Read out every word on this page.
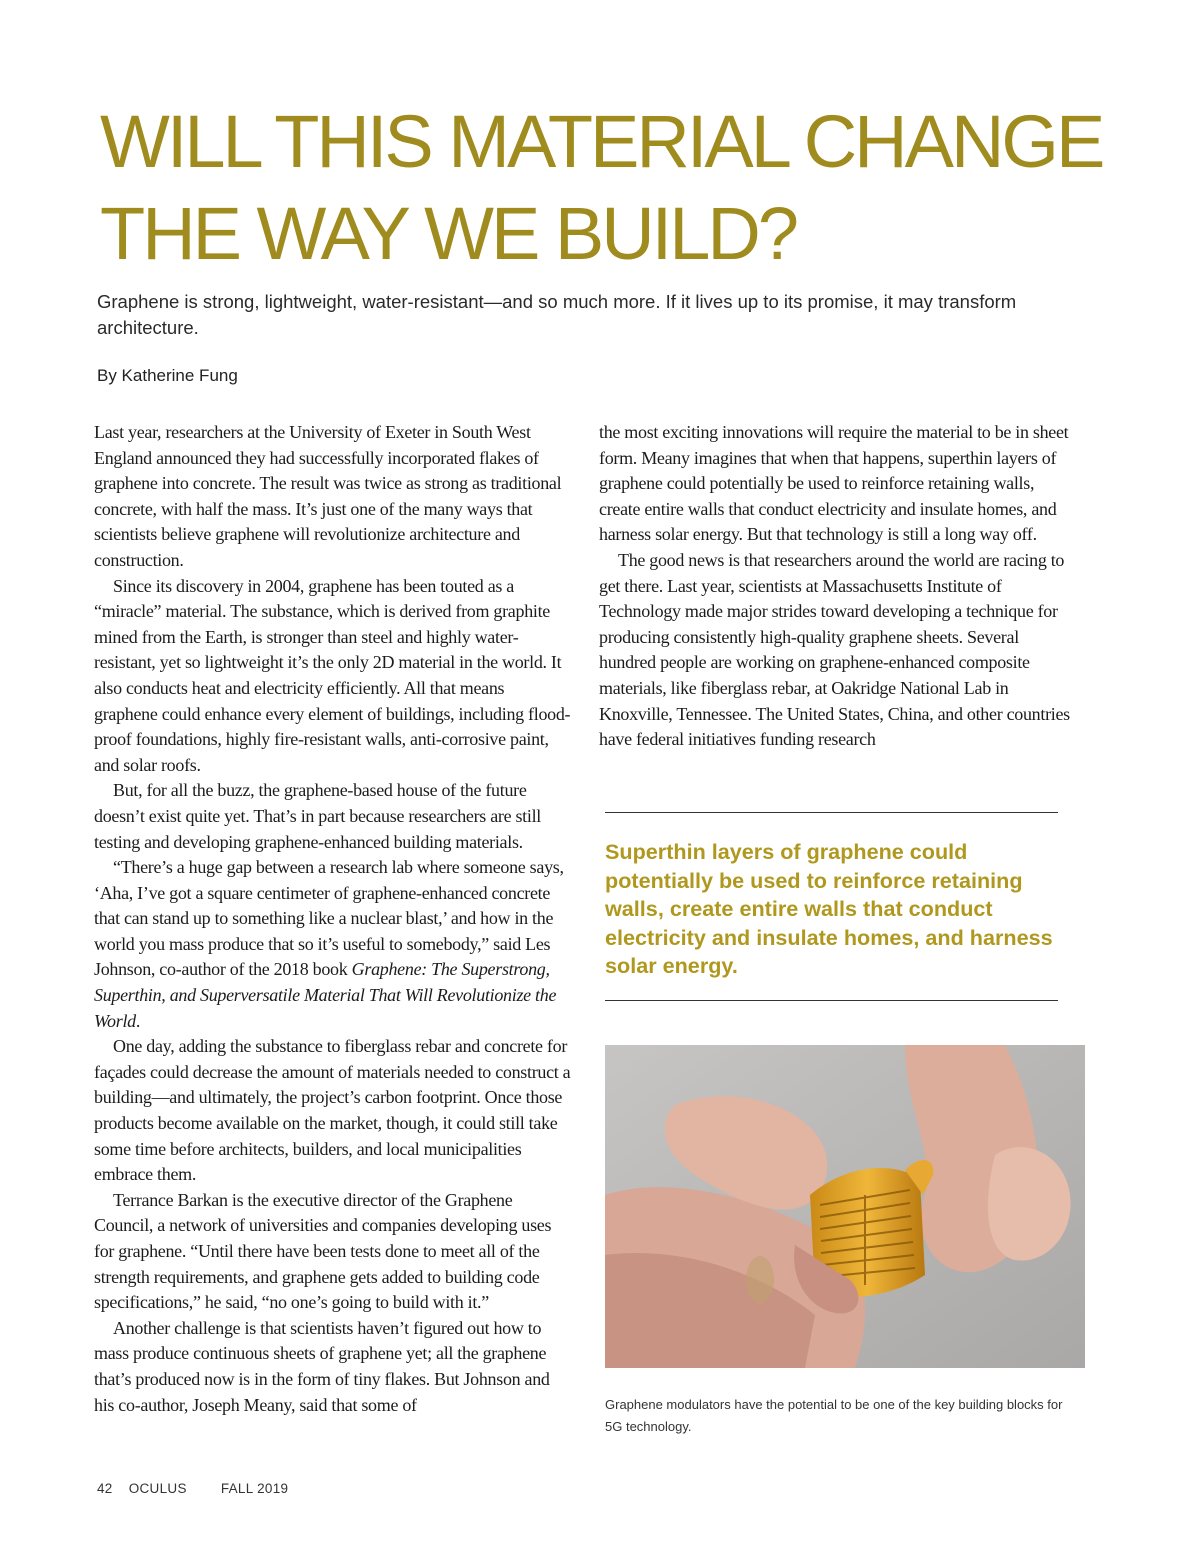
WILL THIS MATERIAL CHANGE
THE WAY WE BUILD?

Graphene is strong, lightweight, water-resistant—and so much more. If it lives up to its promise, it may transform architecture.

By Katherine Fung

Last year, researchers at the University of Exeter in South West England announced they had successfully incorporated flakes of graphene into concrete. The result was twice as strong as traditional concrete, with half the mass. It’s just one of the many ways that scientists believe graphene will revolutionize architecture and construction.

Since its discovery in 2004, graphene has been touted as a “miracle” material. The substance, which is derived from graphite mined from the Earth, is stronger than steel and highly water-resistant, yet so lightweight it’s the only 2D material in the world. It also conducts heat and electricity efficiently. All that means graphene could enhance every element of buildings, including flood-proof foundations, highly fire-resistant walls, anti-corrosive paint, and solar roofs.

But, for all the buzz, the graphene-based house of the future doesn’t exist quite yet. That’s in part because researchers are still testing and developing graphene-enhanced building materials.

“There’s a huge gap between a research lab where someone says, ‘Aha, I’ve got a square centimeter of graphene-enhanced concrete that can stand up to something like a nuclear blast,’ and how in the world you mass produce that so it’s useful to somebody,” said Les Johnson, co-author of the 2018 book Graphene: The Superstrong, Superthin, and Superversatile Material That Will Revolutionize the World.

One day, adding the substance to fiberglass rebar and concrete for façades could decrease the amount of materials needed to construct a building—and ultimately, the project’s carbon footprint. Once those products become available on the market, though, it could still take some time before architects, builders, and local municipalities embrace them.

Terrance Barkan is the executive director of the Graphene Council, a network of universities and companies developing uses for graphene. “Until there have been tests done to meet all of the strength requirements, and graphene gets added to building code specifications,” he said, “no one’s going to build with it.”

Another challenge is that scientists haven’t figured out how to mass produce continuous sheets of graphene yet; all the graphene that’s produced now is in the form of tiny flakes. But Johnson and his co-author, Joseph Meany, said that some of

the most exciting innovations will require the material to be in sheet form. Meany imagines that when that happens, superthin layers of graphene could potentially be used to reinforce retaining walls, create entire walls that conduct electricity and insulate homes, and harness solar energy. But that technology is still a long way off.

The good news is that researchers around the world are racing to get there. Last year, scientists at Massachusetts Institute of Technology made major strides toward developing a technique for producing consistently high-quality graphene sheets. Several hundred people are working on graphene-enhanced composite materials, like fiberglass rebar, at Oakridge National Lab in Knoxville, Tennessee. The United States, China, and other countries have federal initiatives funding research

Superthin layers of graphene could potentially be used to reinforce retaining walls, create entire walls that conduct electricity and insulate homes, and harness solar energy.

Graphene modulators have the potential to be one of the key building blocks for 5G technology.

42 OCULUS	FALL 2019
